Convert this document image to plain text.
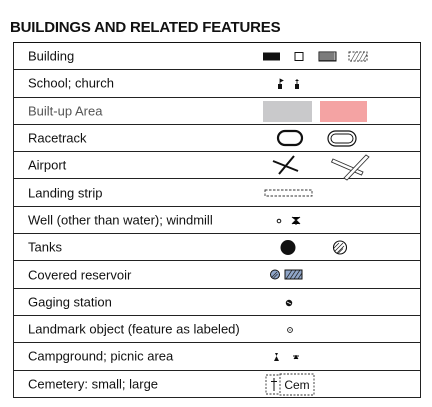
BUILDINGS AND RELATED FEATURES
Building
School; church
Built-up Area
Racetrack
Airport
Landing strip
Well (other than water); windmill
Tanks
Covered reservoir
Gaging station
Landmark object (feature as labeled)
Campground; picnic area
Cemetery: small; large	Cem
